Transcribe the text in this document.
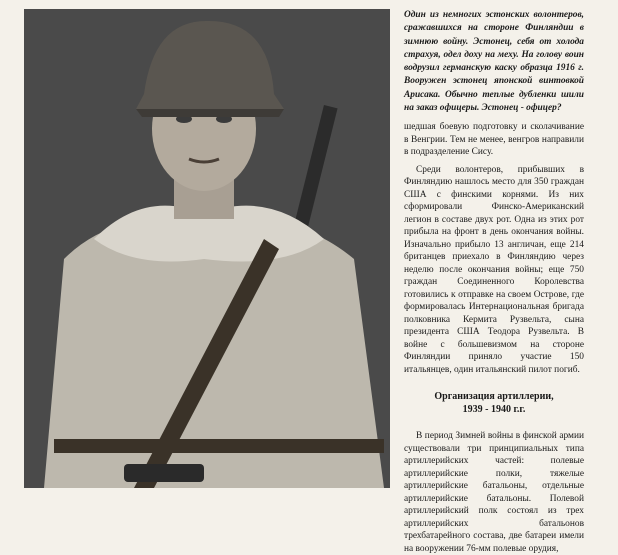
Один из немногих эстонских волонтеров, сражавшихся на стороне Финляндии в зимнюю войну. Эстонец, себя от холода страхуя, одел доху на меху. На голову воин водрузил германскую каску образца 1916 г. Вооружен эстонец японской винтовкой Арисака. Обычно теплые дубленки шили на заказ офицеры. Эстонец - офицер?

шедшая боевую подготовку и сколачивание в Венгрии. Тем не менее, венгров направили в подразделение Сису.

Среди волонтеров, прибывших в Финляндию нашлось место для 350 граждан США с финскими корнями. Из них сформировали Финско-Американский легион в составе двух рот. Одна из этих рот прибыла на фронт в день окончания войны. Изначально прибыло 13 англичан, еще 214 британцев приехало в Финляндию через неделю после окончания войны; еще 750 граждан Соединенного Королевства готовились к отправке на своем Острове, где формировалась Интернациональная бригада полковника Кермита Рузвельта, сына президента США Теодора Рузвельта. В войне с большевизмом на стороне Финляндии приняло участие 150 итальянцев, один итальянский пилот погиб.

Организация артиллерии,
1939 - 1940 г.г.

В период Зимней войны в финской армии существовали три принципиальных типа артиллерийских частей: полевые артиллерийские полки, тяжелые артиллерийские батальоны, отдельные артиллерийские батальоны. Полевой артиллерийский полк состоял из трех артиллерийских батальонов трехбатарейного состава, две батареи имели на вооружении 76-мм полевые орудия,
